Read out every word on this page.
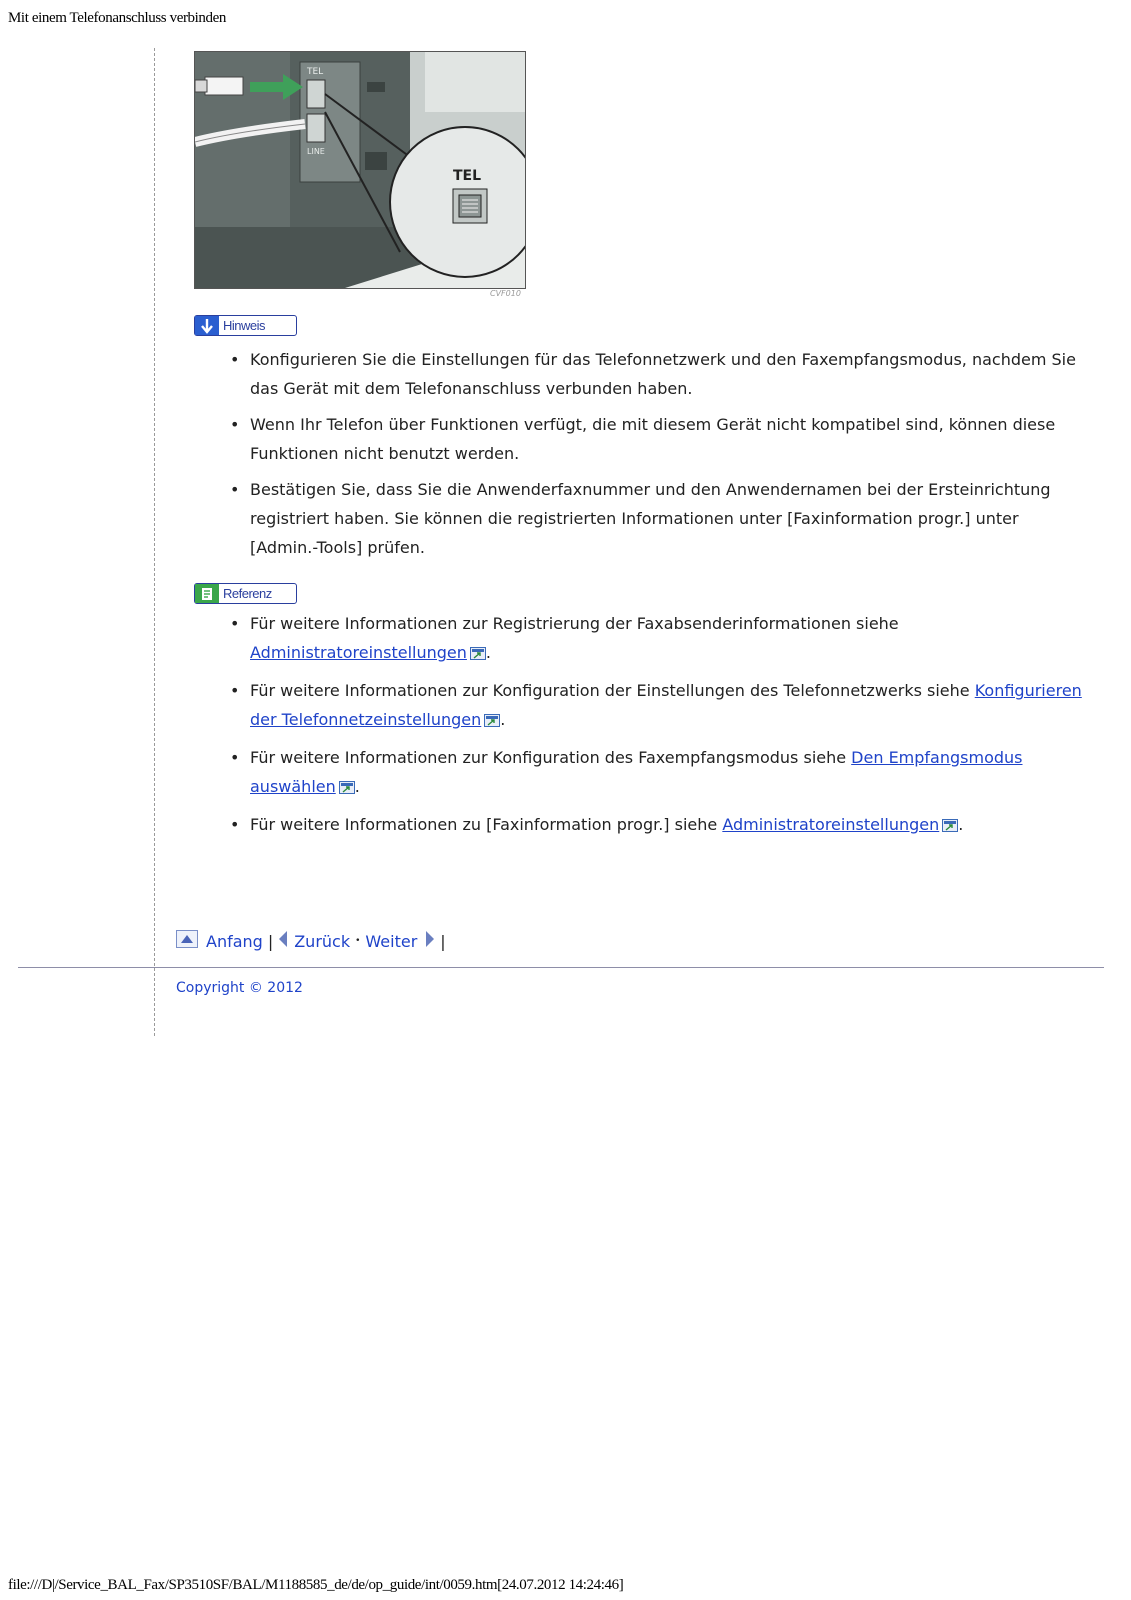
Mit einem Telefonanschluss verbinden
TEL
LINE
TEL
CVF010
Hinweis
• Konfigurieren Sie die Einstellungen für das Telefonnetzwerk und den Faxempfangsmodus, nachdem Sie das Gerät mit dem Telefonanschluss verbunden haben.
• Wenn Ihr Telefon über Funktionen verfügt, die mit diesem Gerät nicht kompatibel sind, können diese Funktionen nicht benutzt werden.
• Bestätigen Sie, dass Sie die Anwenderfaxnummer und den Anwendernamen bei der Ersteinrichtung registriert haben. Sie können die registrierten Informationen unter [Faxinformation progr.] unter [Admin.-Tools] prüfen.
Referenz
• Für weitere Informationen zur Registrierung der Faxabsenderinformationen siehe Administratoreinstellungen .
• Für weitere Informationen zur Konfiguration der Einstellungen des Telefonnetzwerks siehe Konfigurieren der Telefonnetzeinstellungen .
• Für weitere Informationen zur Konfiguration des Faxempfangsmodus siehe Den Empfangsmodus auswählen .
• Für weitere Informationen zu [Faxinformation progr.] siehe Administratoreinstellungen .
Anfang | Zurück • Weiter |
Copyright © 2012
file:///D|/Service_BAL_Fax/SP3510SF/BAL/M1188585_de/de/op_guide/int/0059.htm[24.07.2012 14:24:46]
